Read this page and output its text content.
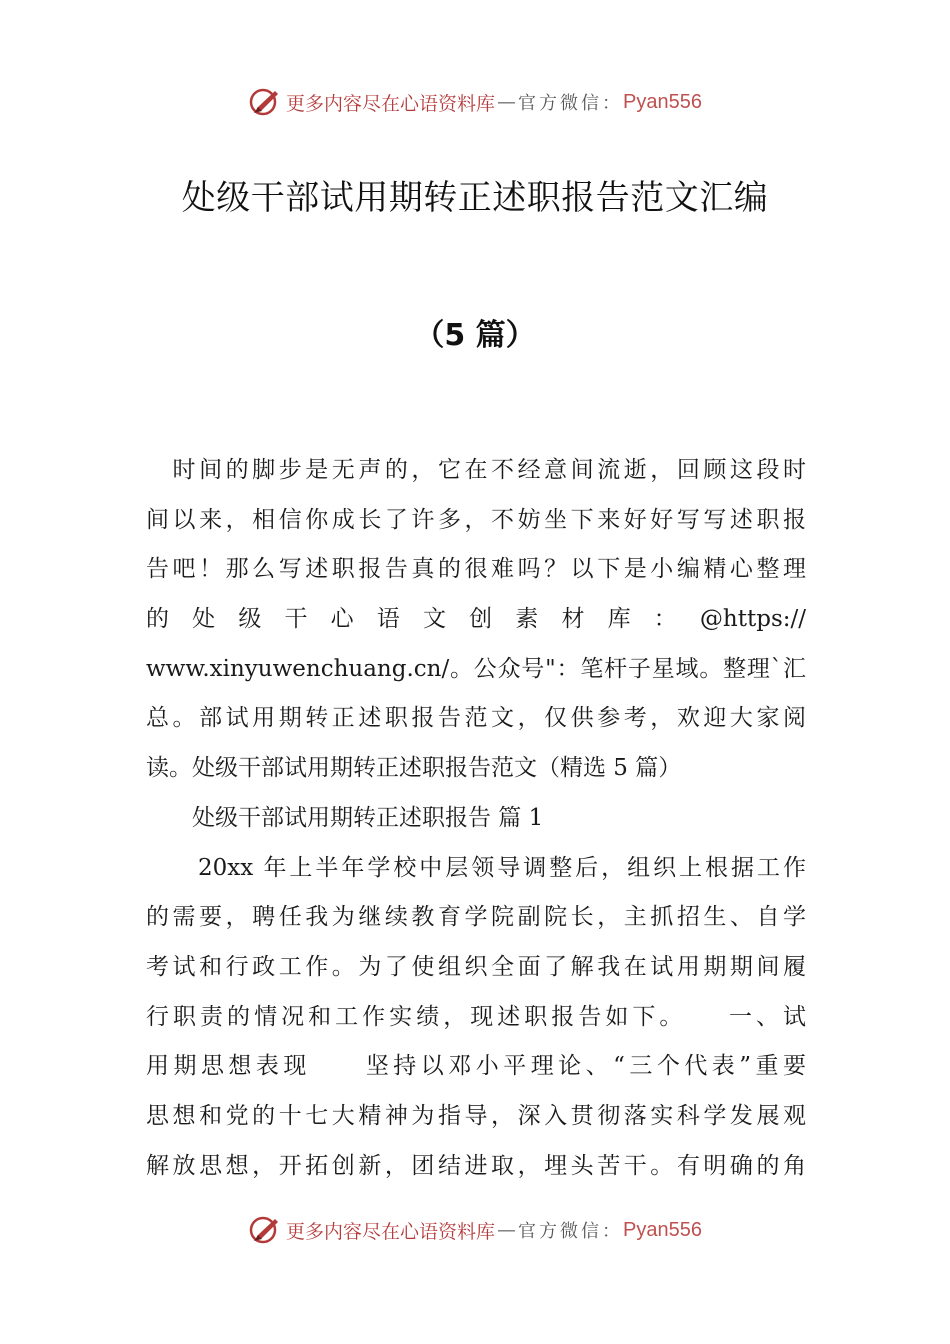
更多内容尽在心语资料库 — 官方微信： Pyan556
处级干部试用期转正述职报告范文汇编
（5 篇）
　时间的脚步是无声的，它在不经意间流逝，回顾这段时
间以来，相信你成长了许多，不妨坐下来好好写写述职报
告吧！那么写述职报告真的很难吗？以下是小编精心整理
的处级干心语文创素材库：@https://
www.xinyuwenchuang.cn/。公众号"：笔杆子星域。整理`汇
总。部试用期转正述职报告范文，仅供参考，欢迎大家阅
读。处级干部试用期转正述职报告范文（精选 5 篇）
　　处级干部试用期转正述职报告 篇 1
　　20xx 年上半年学校中层领导调整后，组织上根据工作
的需要，聘任我为继续教育学院副院长，主抓招生、自学
考试和行政工作。为了使组织全面了解我在试用期期间履
行职责的情况和工作实绩，现述职报告如下。　　一、试
用期思想表现　　坚持以邓小平理论、“三个代表”重要
思想和党的十七大精神为指导，深入贯彻落实科学发展观
解放思想，开拓创新，团结进取，埋头苦干。有明确的角
更多内容尽在心语资料库 — 官方微信： Pyan556
